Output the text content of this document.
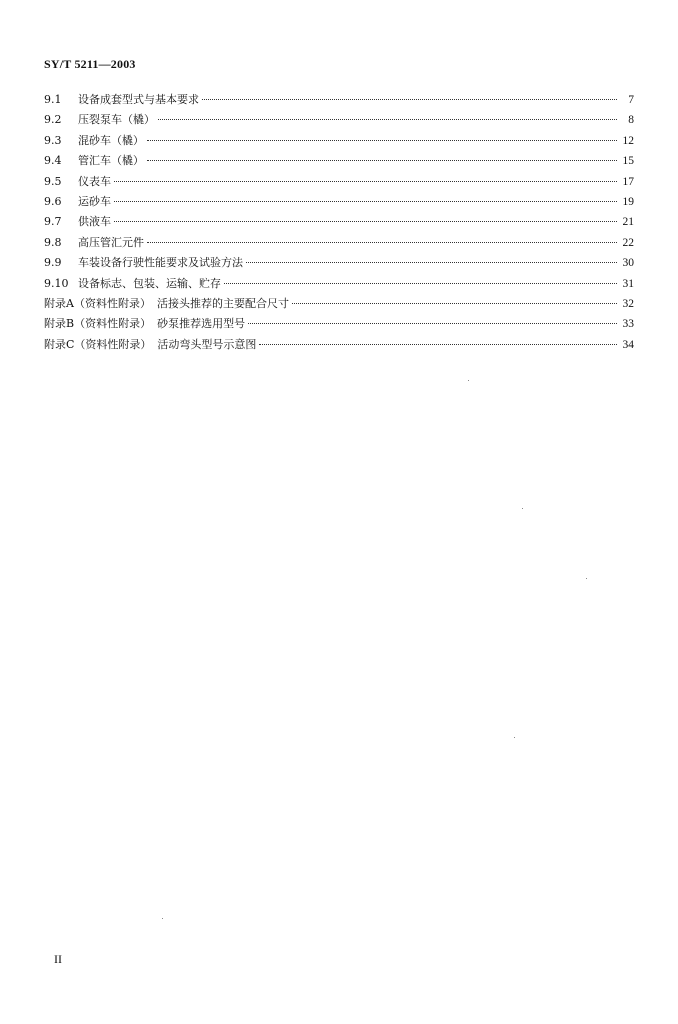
SY/T 5211—2003
9.1	设备成套型式与基本要求	7
9.2	压裂泵车（橇）	8
9.3	混砂车（橇）	12
9.4	管汇车（橇）	15
9.5	仪表车	17
9.6	运砂车	19
9.7	供液车	21
9.8	高压管汇元件	22
9.9	车装设备行驶性能要求及试验方法	30
9.10 设备标志、包装、运输、贮存	31
附录A（资料性附录） 活接头推荐的主要配合尺寸	32
附录B（资料性附录） 砂泵推荐选用型号	33
附录C（资料性附录） 活动弯头型号示意图	34
II
